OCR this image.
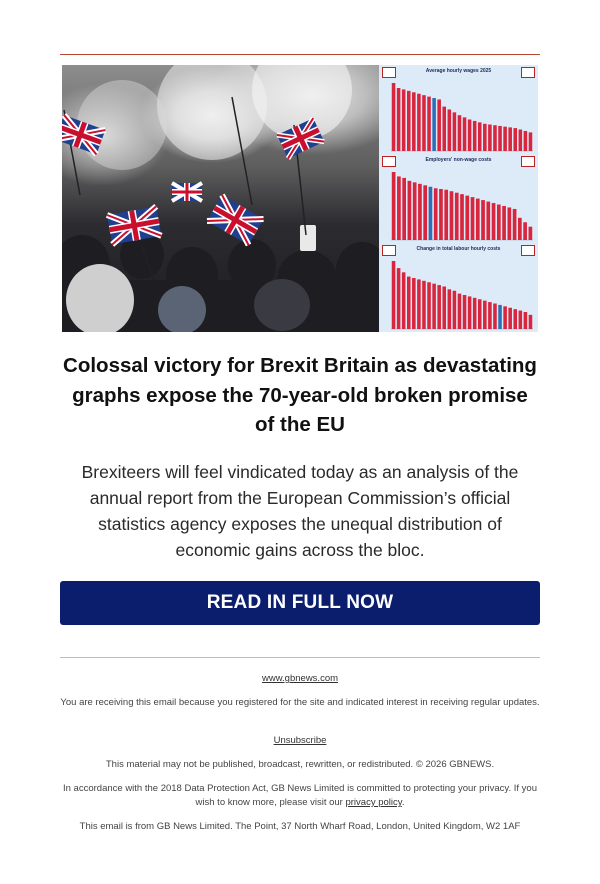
Average hourly wages 2025
Employers' non-wage costs
Change in total labour hourly costs
Colossal victory for Brexit Britain as devastating graphs expose the 70-year-old broken promise of the EU

Brexiteers will feel vindicated today as an analysis of the annual report from the European Commission’s official statistics agency exposes the unequal distribution of economic gains across the bloc.

READ IN FULL NOW

www.gbnews.com

You are receiving this email because you registered for the site and indicated interest in receiving regular updates.

Unsubscribe

This material may not be published, broadcast, rewritten, or redistributed. © 2026 GBNEWS.

In accordance with the 2018 Data Protection Act, GB News Limited is committed to protecting your privacy. If you wish to know more, please visit our privacy policy.

This email is from GB News Limited. The Point, 37 North Wharf Road, London, United Kingdom, W2 1AF
